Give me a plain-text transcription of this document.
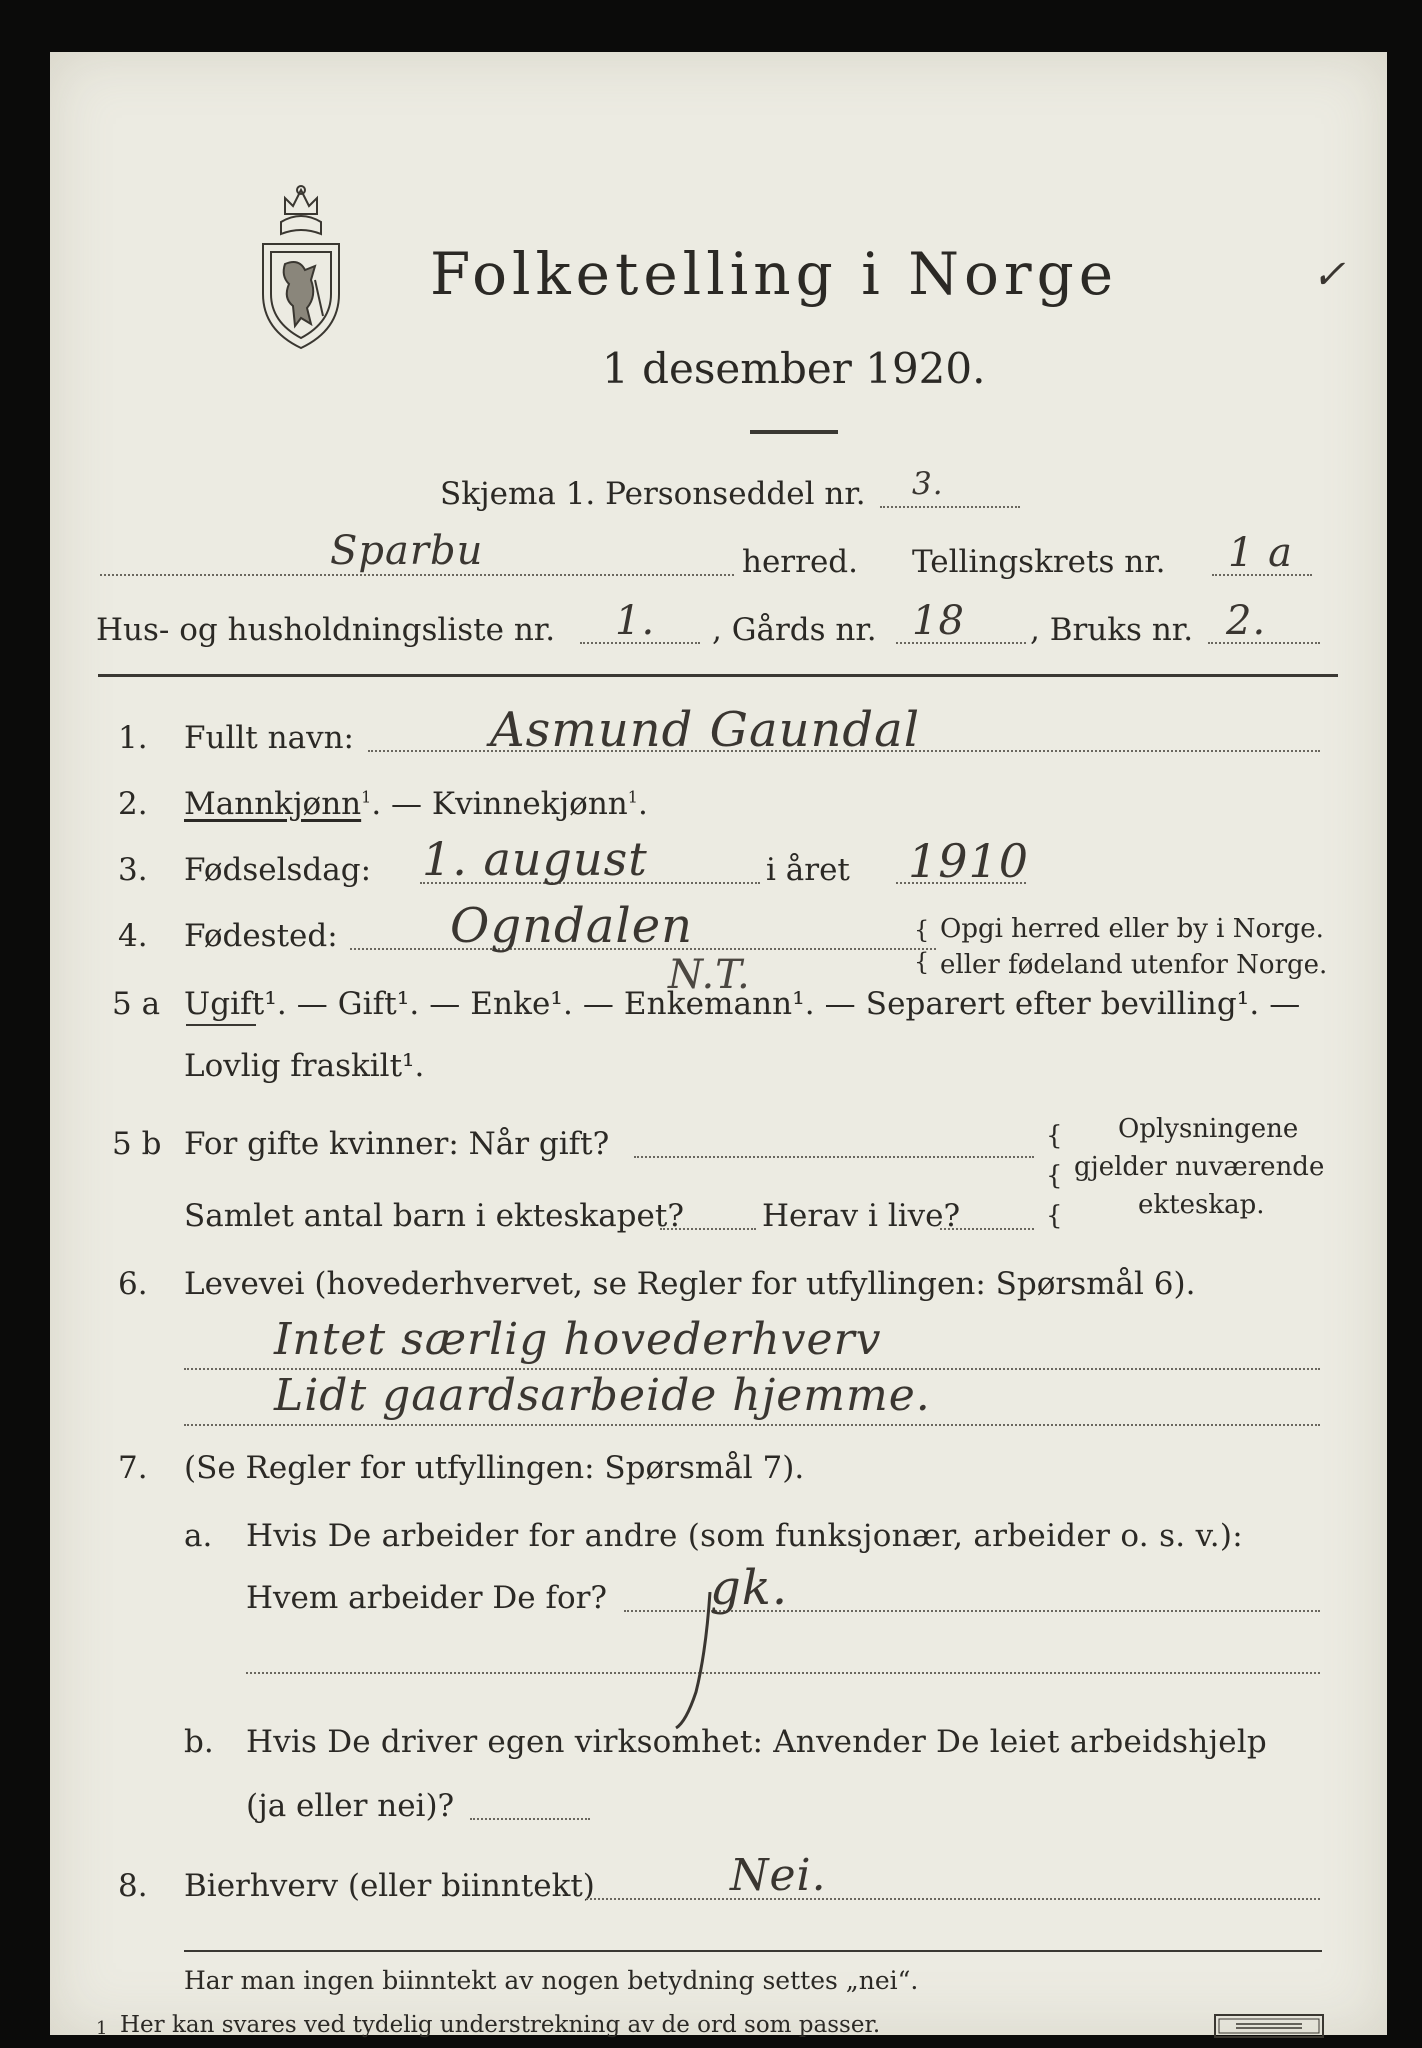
Folketelling i Norge
1 desember 1920.
✓
Skjema 1. Personseddel nr. 3.
Sparbu	herred. Tellingskrets nr. 1 a
Hus- og husholdningsliste nr. 1. , Gårds nr. 18 , Bruks nr. 2.
1. Fullt navn:	Asmund Gaundal
2. Mannkjønn$^1$. — Kvinnekjønn$^1$.
3. Fødselsdag: 1. august	i året 1910
4. Fødested: Ogndalen	{
{
Opgi herred eller by i Norge.
eller fødeland utenfor Norge.
5 a Ugift¹. — Gift¹. — Enke¹. — Enkemann¹. — Separert efter bevilling¹. —
N.T.
Lovlig fraskilt¹.
5 b For gifte kvinner: Når gift?
Samlet antal barn i ekteskapet?	Herav i live?
{
{
{
Oplysningene
gjelder nuværende
ekteskap.
6. Levevei (hovederhvervet, se Regler for utfyllingen: Spørsmål 6).
Intet særlig hovederhverv
Lidt gaardsarbeide hjemme.
7. (Se Regler for utfyllingen: Spørsmål 7).
a. Hvis De arbeider for andre (som funksjonær, arbeider o. s. v.):
Hvem arbeider De for? gk.
b. Hvis De driver egen virksomhet: Anvender De leiet arbeidshjelp
(ja eller nei)?
8. Bierhverv (eller biinntekt)	Nei.
Har man ingen biinntekt av nogen betydning settes „nei“.
1 Her kan svares ved tydelig understrekning av de ord som passer.
